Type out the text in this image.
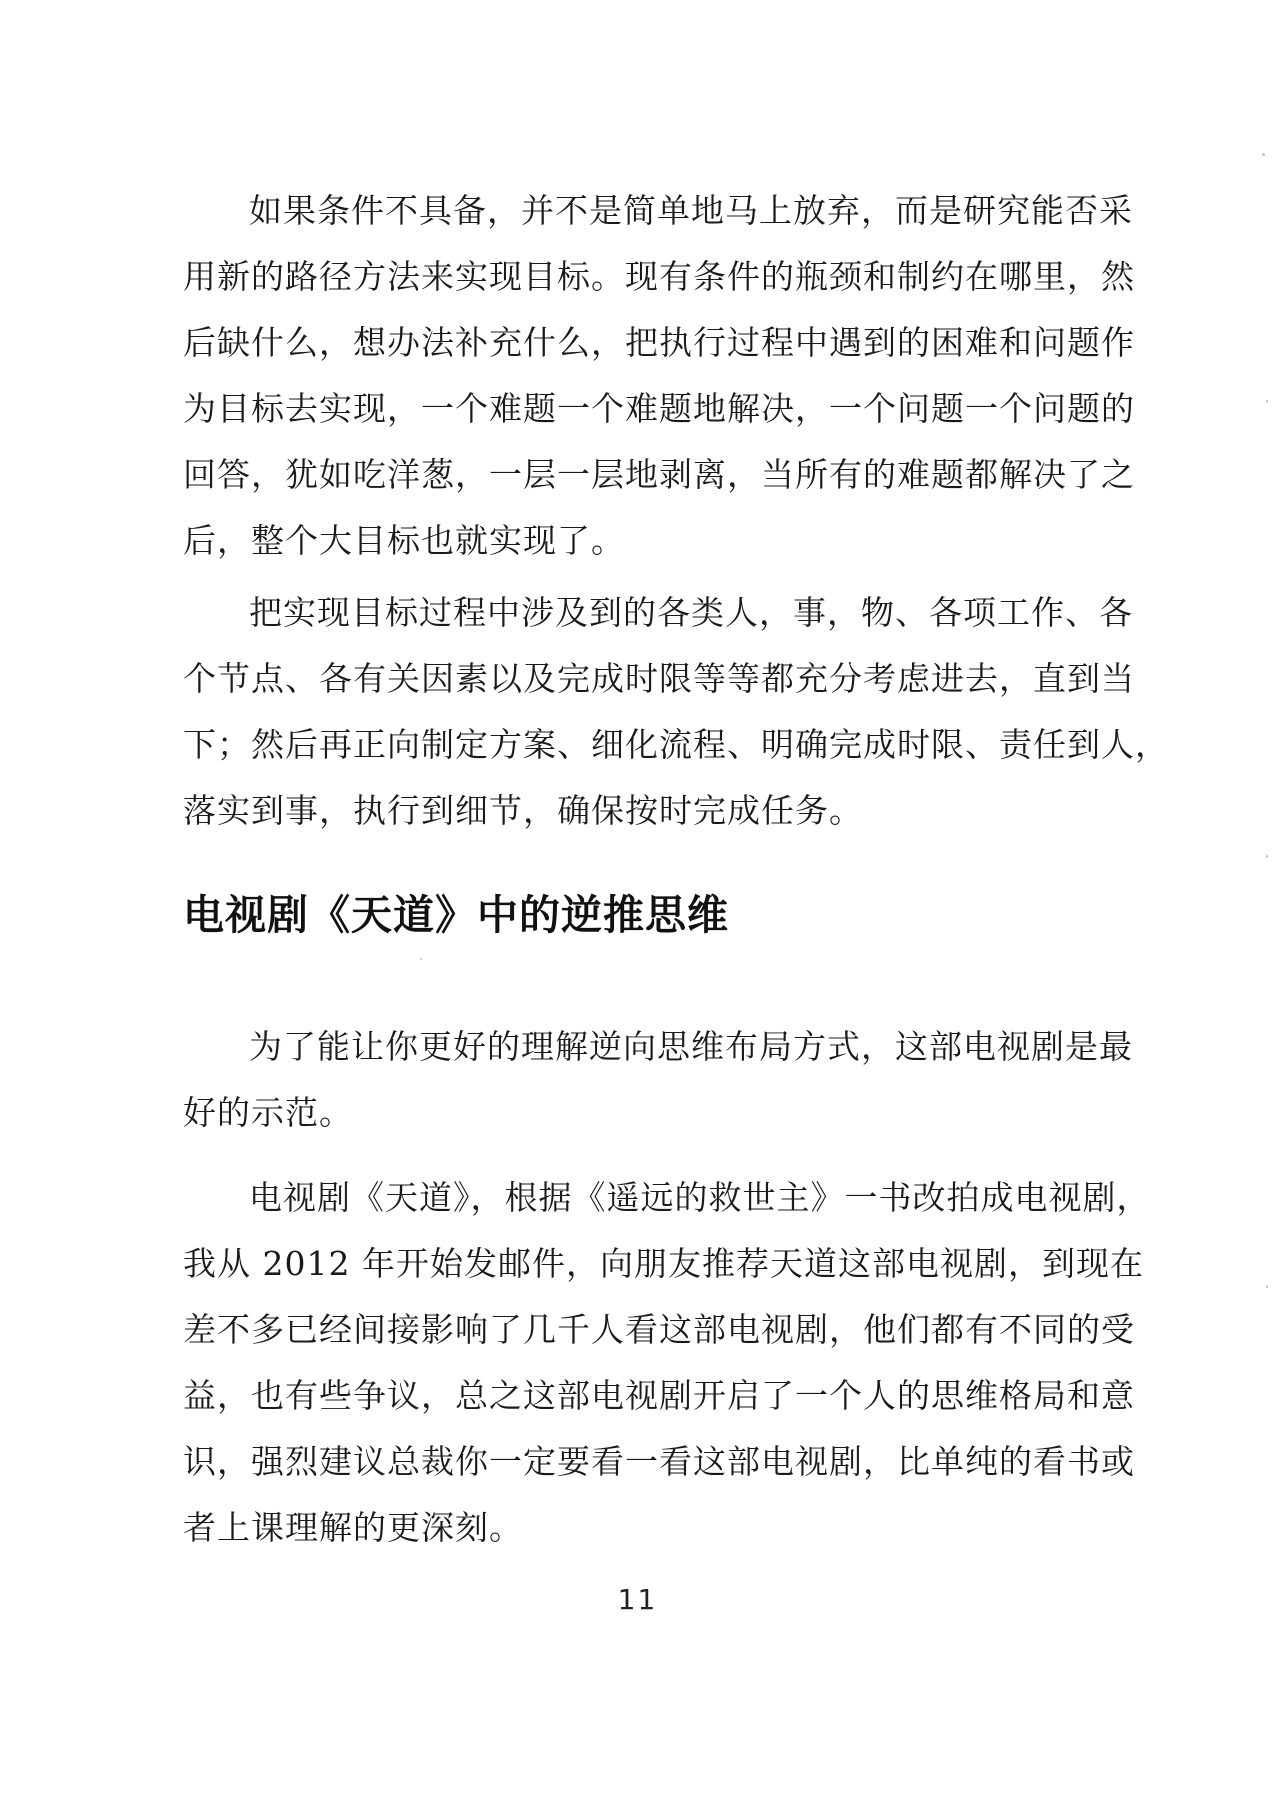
如果条件不具备，并不是简单地马上放弃，而是研究能否采
用新的路径方法来实现目标。现有条件的瓶颈和制约在哪里，然
后缺什么，想办法补充什么，把执行过程中遇到的困难和问题作
为目标去实现，一个难题一个难题地解决，一个问题一个问题的
回答，犹如吃洋葱，一层一层地剥离，当所有的难题都解决了之
后，整个大目标也就实现了。
把实现目标过程中涉及到的各类人，事，物、各项工作、各
个节点、各有关因素以及完成时限等等都充分考虑进去，直到当
下；然后再正向制定方案、细化流程、明确完成时限、责任到人，
落实到事，执行到细节，确保按时完成任务。
电视剧《天道》中的逆推思维
为了能让你更好的理解逆向思维布局方式，这部电视剧是最
好的示范。
电视剧《天道》，根据《遥远的救世主》一书改拍成电视剧，
我从 2012 年开始发邮件，向朋友推荐天道这部电视剧，到现在
差不多已经间接影响了几千人看这部电视剧，他们都有不同的受
益，也有些争议，总之这部电视剧开启了一个人的思维格局和意
识，强烈建议总裁你一定要看一看这部电视剧，比单纯的看书或
者上课理解的更深刻。
11
